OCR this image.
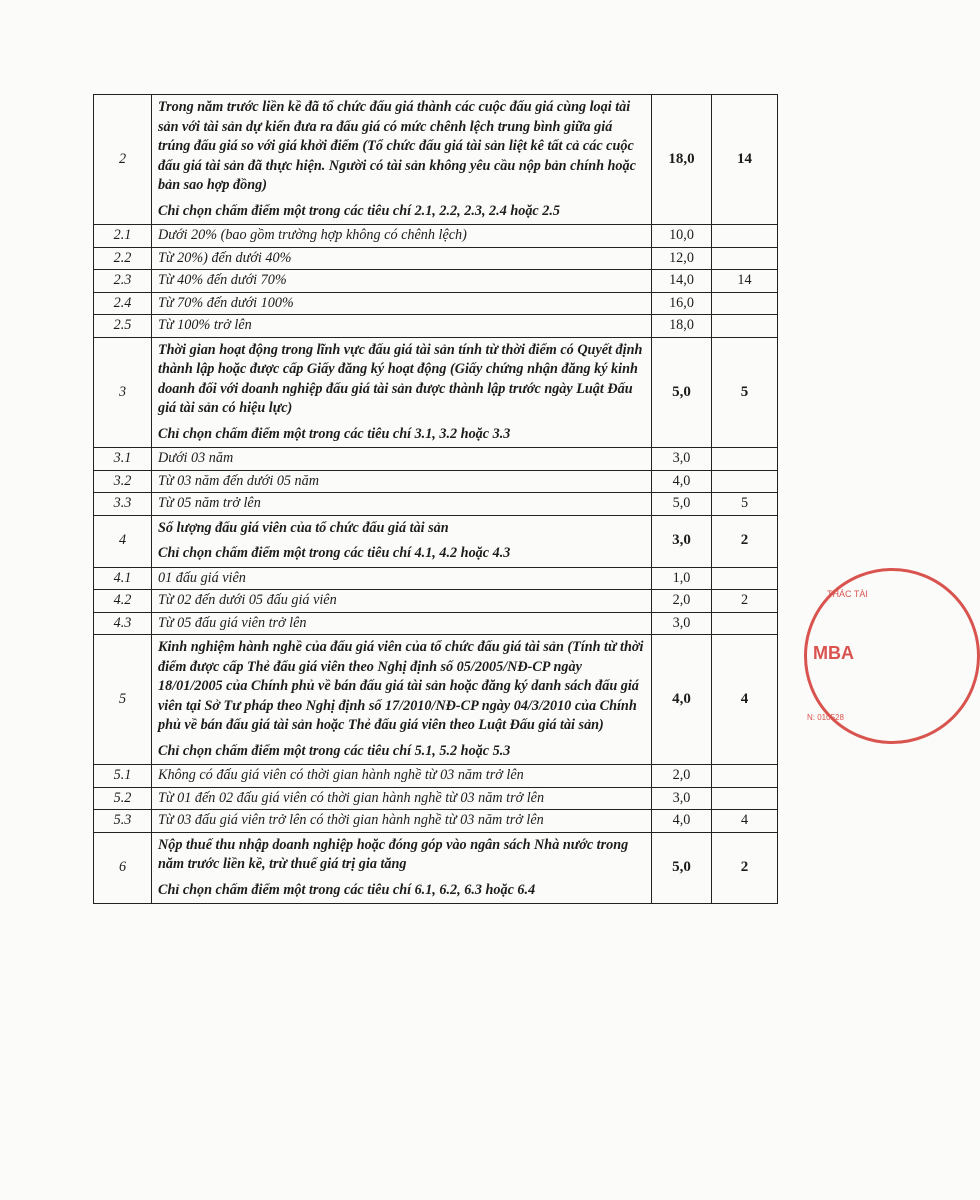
2	Trong năm trước liền kề đã tổ chức đấu giá thành các cuộc đấu giá cùng loại tài sản với tài sản dự kiến đưa ra đấu giá có mức chênh lệch trung bình giữa giá trúng đấu giá so với giá khởi điểm (Tổ chức đấu giá tài sản liệt kê tất cả các cuộc đấu giá tài sản đã thực hiện. Người có tài sản không yêu cầu nộp bản chính hoặc bản sao hợp đồng)
Chỉ chọn chấm điểm một trong các tiêu chí 2.1, 2.2, 2.3, 2.4 hoặc 2.5	18,0	14
2.1	Dưới 20% (bao gồm trường hợp không có chênh lệch)	10,0	
2.2	Từ 20%) đến dưới 40%	12,0	
2.3	Từ 40% đến dưới 70%	14,0	14
2.4	Từ 70% đến dưới 100%	16,0	
2.5	Từ 100% trở lên	18,0	
3	Thời gian hoạt động trong lĩnh vực đấu giá tài sản tính từ thời điểm có Quyết định thành lập hoặc được cấp Giấy đăng ký hoạt động (Giấy chứng nhận đăng ký kinh doanh đối với doanh nghiệp đấu giá tài sản được thành lập trước ngày Luật Đấu giá tài sản có hiệu lực)
Chỉ chọn chấm điểm một trong các tiêu chí 3.1, 3.2 hoặc 3.3	5,0	5
3.1	Dưới 03 năm	3,0	
3.2	Từ 03 năm đến dưới 05 năm	4,0	
3.3	Từ 05 năm trở lên	5,0	5
4	Số lượng đấu giá viên của tổ chức đấu giá tài sản
Chỉ chọn chấm điểm một trong các tiêu chí 4.1, 4.2 hoặc 4.3	3,0	2
4.1	01 đấu giá viên	1,0	
4.2	Từ 02 đến dưới 05 đấu giá viên	2,0	2
4.3	Từ 05 đấu giá viên trở lên	3,0	
5	Kinh nghiệm hành nghề của đấu giá viên của tổ chức đấu giá tài sản (Tính từ thời điểm được cấp Thẻ đấu giá viên theo Nghị định số 05/2005/NĐ-CP ngày 18/01/2005 của Chính phủ về bán đấu giá tài sản hoặc đăng ký danh sách đấu giá viên tại Sở Tư pháp theo Nghị định số 17/2010/NĐ-CP ngày 04/3/2010 của Chính phủ về bán đấu giá tài sản hoặc Thẻ đấu giá viên theo Luật Đấu giá tài sản)
Chỉ chọn chấm điểm một trong các tiêu chí 5.1, 5.2 hoặc 5.3	4,0	4
5.1	Không có đấu giá viên có thời gian hành nghề từ 03 năm trở lên	2,0	
5.2	Từ 01 đến 02 đấu giá viên có thời gian hành nghề từ 03 năm trở lên	3,0	
5.3	Từ 03 đấu giá viên trở lên có thời gian hành nghề từ 03 năm trở lên	4,0	4
6	Nộp thuế thu nhập doanh nghiệp hoặc đóng góp vào ngân sách Nhà nước trong năm trước liền kề, trừ thuế giá trị gia tăng
Chỉ chọn chấm điểm một trong các tiêu chí 6.1, 6.2, 6.3 hoặc 6.4	5,0	2
THÁC TÀI
MBA
N: 010528
